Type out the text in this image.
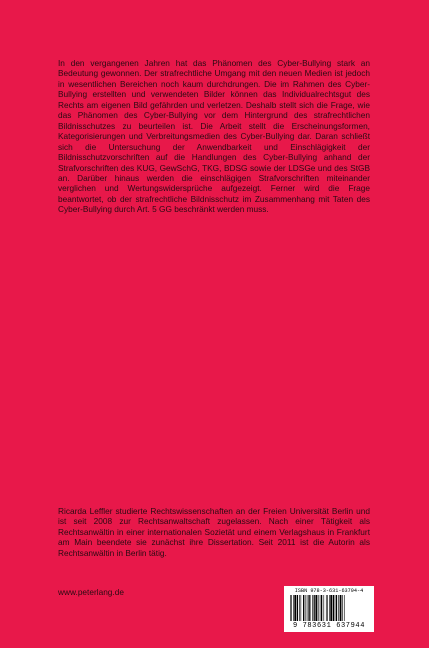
In den vergangenen Jahren hat das Phänomen des Cyber-Bullying stark an Bedeutung gewonnen. Der strafrechtliche Umgang mit den neuen Medien ist jedoch in wesentlichen Bereichen noch kaum durchdrungen. Die im Rahmen des Cyber-Bullying erstellten und verwendeten Bilder können das Individualrechtsgut des Rechts am eigenen Bild gefährden und verletzen. Deshalb stellt sich die Frage, wie das Phänomen des Cyber-Bullying vor dem Hintergrund des strafrechtlichen Bildnisschutzes zu beurteilen ist. Die Arbeit stellt die Erscheinungsformen, Kategorisierungen und Verbreitungsmedien des Cyber-Bullying dar. Daran schließt sich die Untersuchung der Anwendbarkeit und Einschlägigkeit der Bildnisschutzvorschriften auf die Handlungen des Cyber-Bullying anhand der Strafvorschriften des KUG, GewSchG, TKG, BDSG sowie der LDSGe und des StGB an. Darüber hinaus werden die einschlägigen Strafvorschriften miteinander verglichen und Wertungswidersprüche aufgezeigt. Ferner wird die Frage beantwortet, ob der strafrechtliche Bildnisschutz im Zusammenhang mit Taten des Cyber-Bullying durch Art. 5 GG beschränkt werden muss.

Ricarda Leffler studierte Rechtswissenschaften an der Freien Universität Berlin und ist seit 2008 zur Rechtsanwaltschaft zugelassen. Nach einer Tätigkeit als Rechtsanwältin in einer internationalen Sozietät und einem Verlagshaus in Frankfurt am Main beendete sie zunächst ihre Dissertation. Seit 2011 ist die Autorin als Rechtsanwältin in Berlin tätig.

www.peterlang.de	ISBN 978-3-631-63794-4
9 783631 637944
